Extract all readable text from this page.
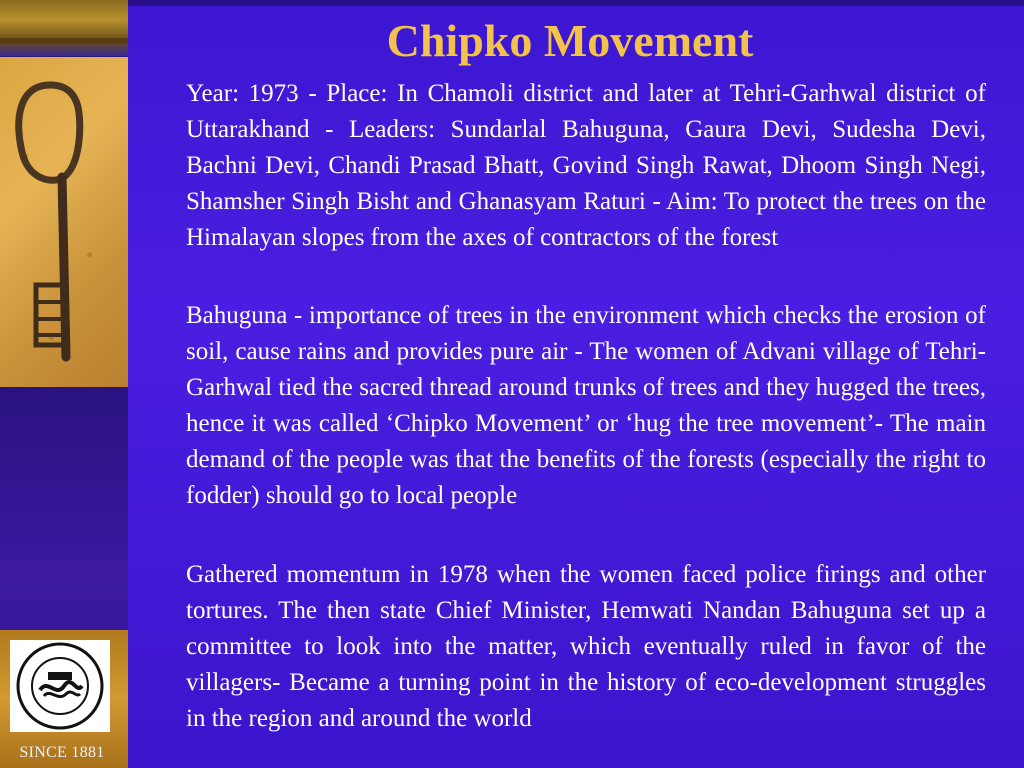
SINCE 1881
Chipko Movement

Year: 1973 - Place: In Chamoli district and later at Tehri-Garhwal district of Uttarakhand - Leaders: Sundarlal Bahuguna, Gaura Devi, Sudesha Devi, Bachni Devi, Chandi Prasad Bhatt, Govind Singh Rawat, Dhoom Singh Negi, Shamsher Singh Bisht and Ghanasyam Raturi - Aim: To protect the trees on the Himalayan slopes from the axes of contractors of the forest

Bahuguna - importance of trees in the environment which checks the erosion of soil, cause rains and provides pure air - The women of Advani village of Tehri-Garhwal tied the sacred thread around trunks of trees and they hugged the trees, hence it was called ‘Chipko Movement’ or ‘hug the tree movement’- The main demand of the people was that the benefits of the forests (especially the right to fodder) should go to local people

Gathered momentum in 1978 when the women faced police firings and other tortures. The then state Chief Minister, Hemwati Nandan Bahuguna set up a committee to look into the matter, which eventually ruled in favor of the villagers- Became a turning point in the history of eco-development struggles in the region and around the world
